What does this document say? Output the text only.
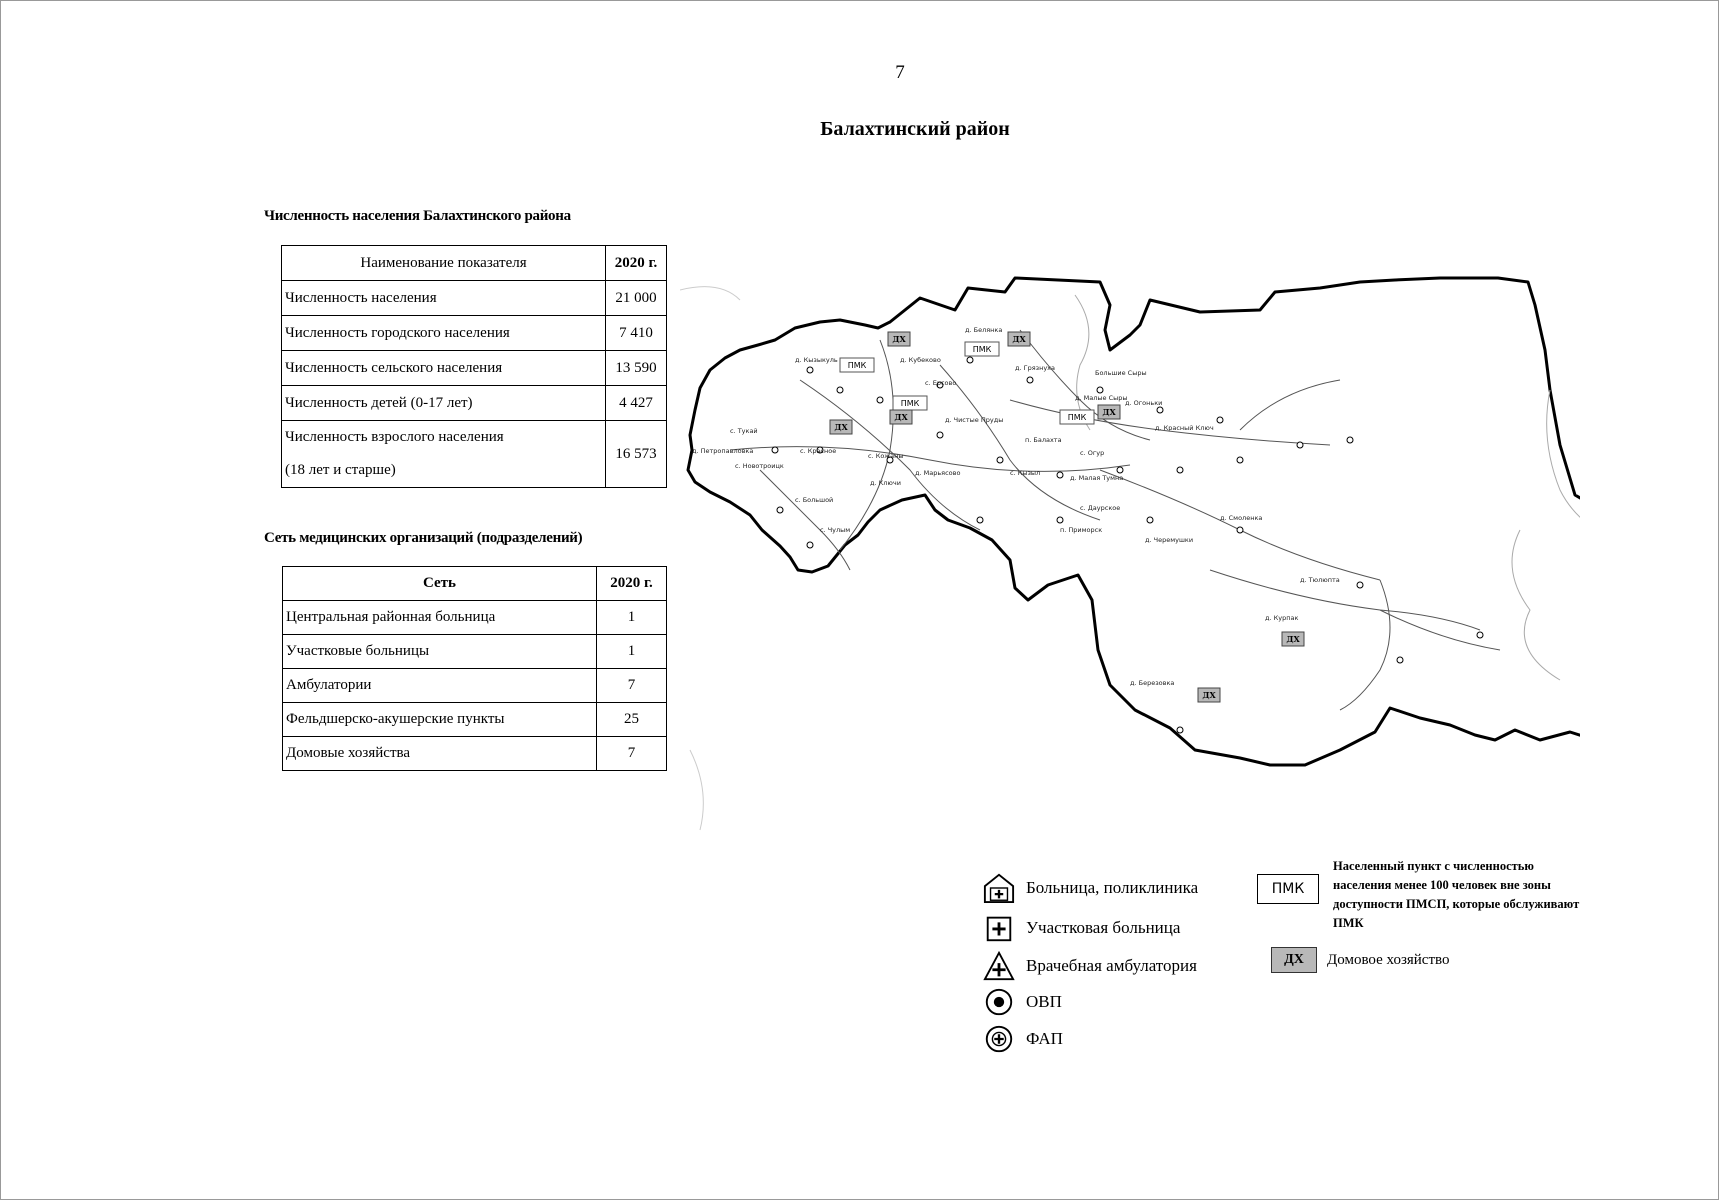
7
Балахтинский район
Численность населения Балахтинского района
Наименование показателя	2020 г.
Численность населения	21 000
Численность городского населения	7 410
Численность сельского населения	13 590
Численность детей (0-17 лет)	4 427
Численность взрослого населения
(18 лет и старше)	16 573
Сеть медицинских организаций (подразделений)
Сеть	2020 г.
Центральная районная больница	1
Участковые больницы	1
Амбулатории	7
Фельдшерско-акушерские пункты	25
Домовые хозяйства	7
д. Кызыкуль	д. Кубеково
д. Белянка
Большие Сыры
с. Ерсово
д. Грязнуха
д. Малые Сыры
д. Огоньки
д. Красный Ключ
с. Тукай
д. Петропавловка
с. Новотроицк
с. Красное
д. Чистые Пруды
с. Кожаны
д. Марьясово
с. Большой
п. Балахта
д. Малая Тумна
с. Кызыл
с. Огур
д. Ключи
с. Даурское
п. Приморск
д. Черемушки
д. Смоленка
д. Тюлюпта
д. Курпак
д. Березовка
с. Чулым
ПМК
ПМК
ПМК
ПМК
ДХ	ДХ
ДХ
ДХ
ДХ
ДХ
ДХ
Больница, поликлиника
Участковая больница
Врачебная амбулатория
ОВП
ФАП
ПМК
Населенный пункт с численностью населения менее 100 человек вне зоны доступности ПМСП, которые обслуживают ПМК
ДХ	Домовое хозяйство
